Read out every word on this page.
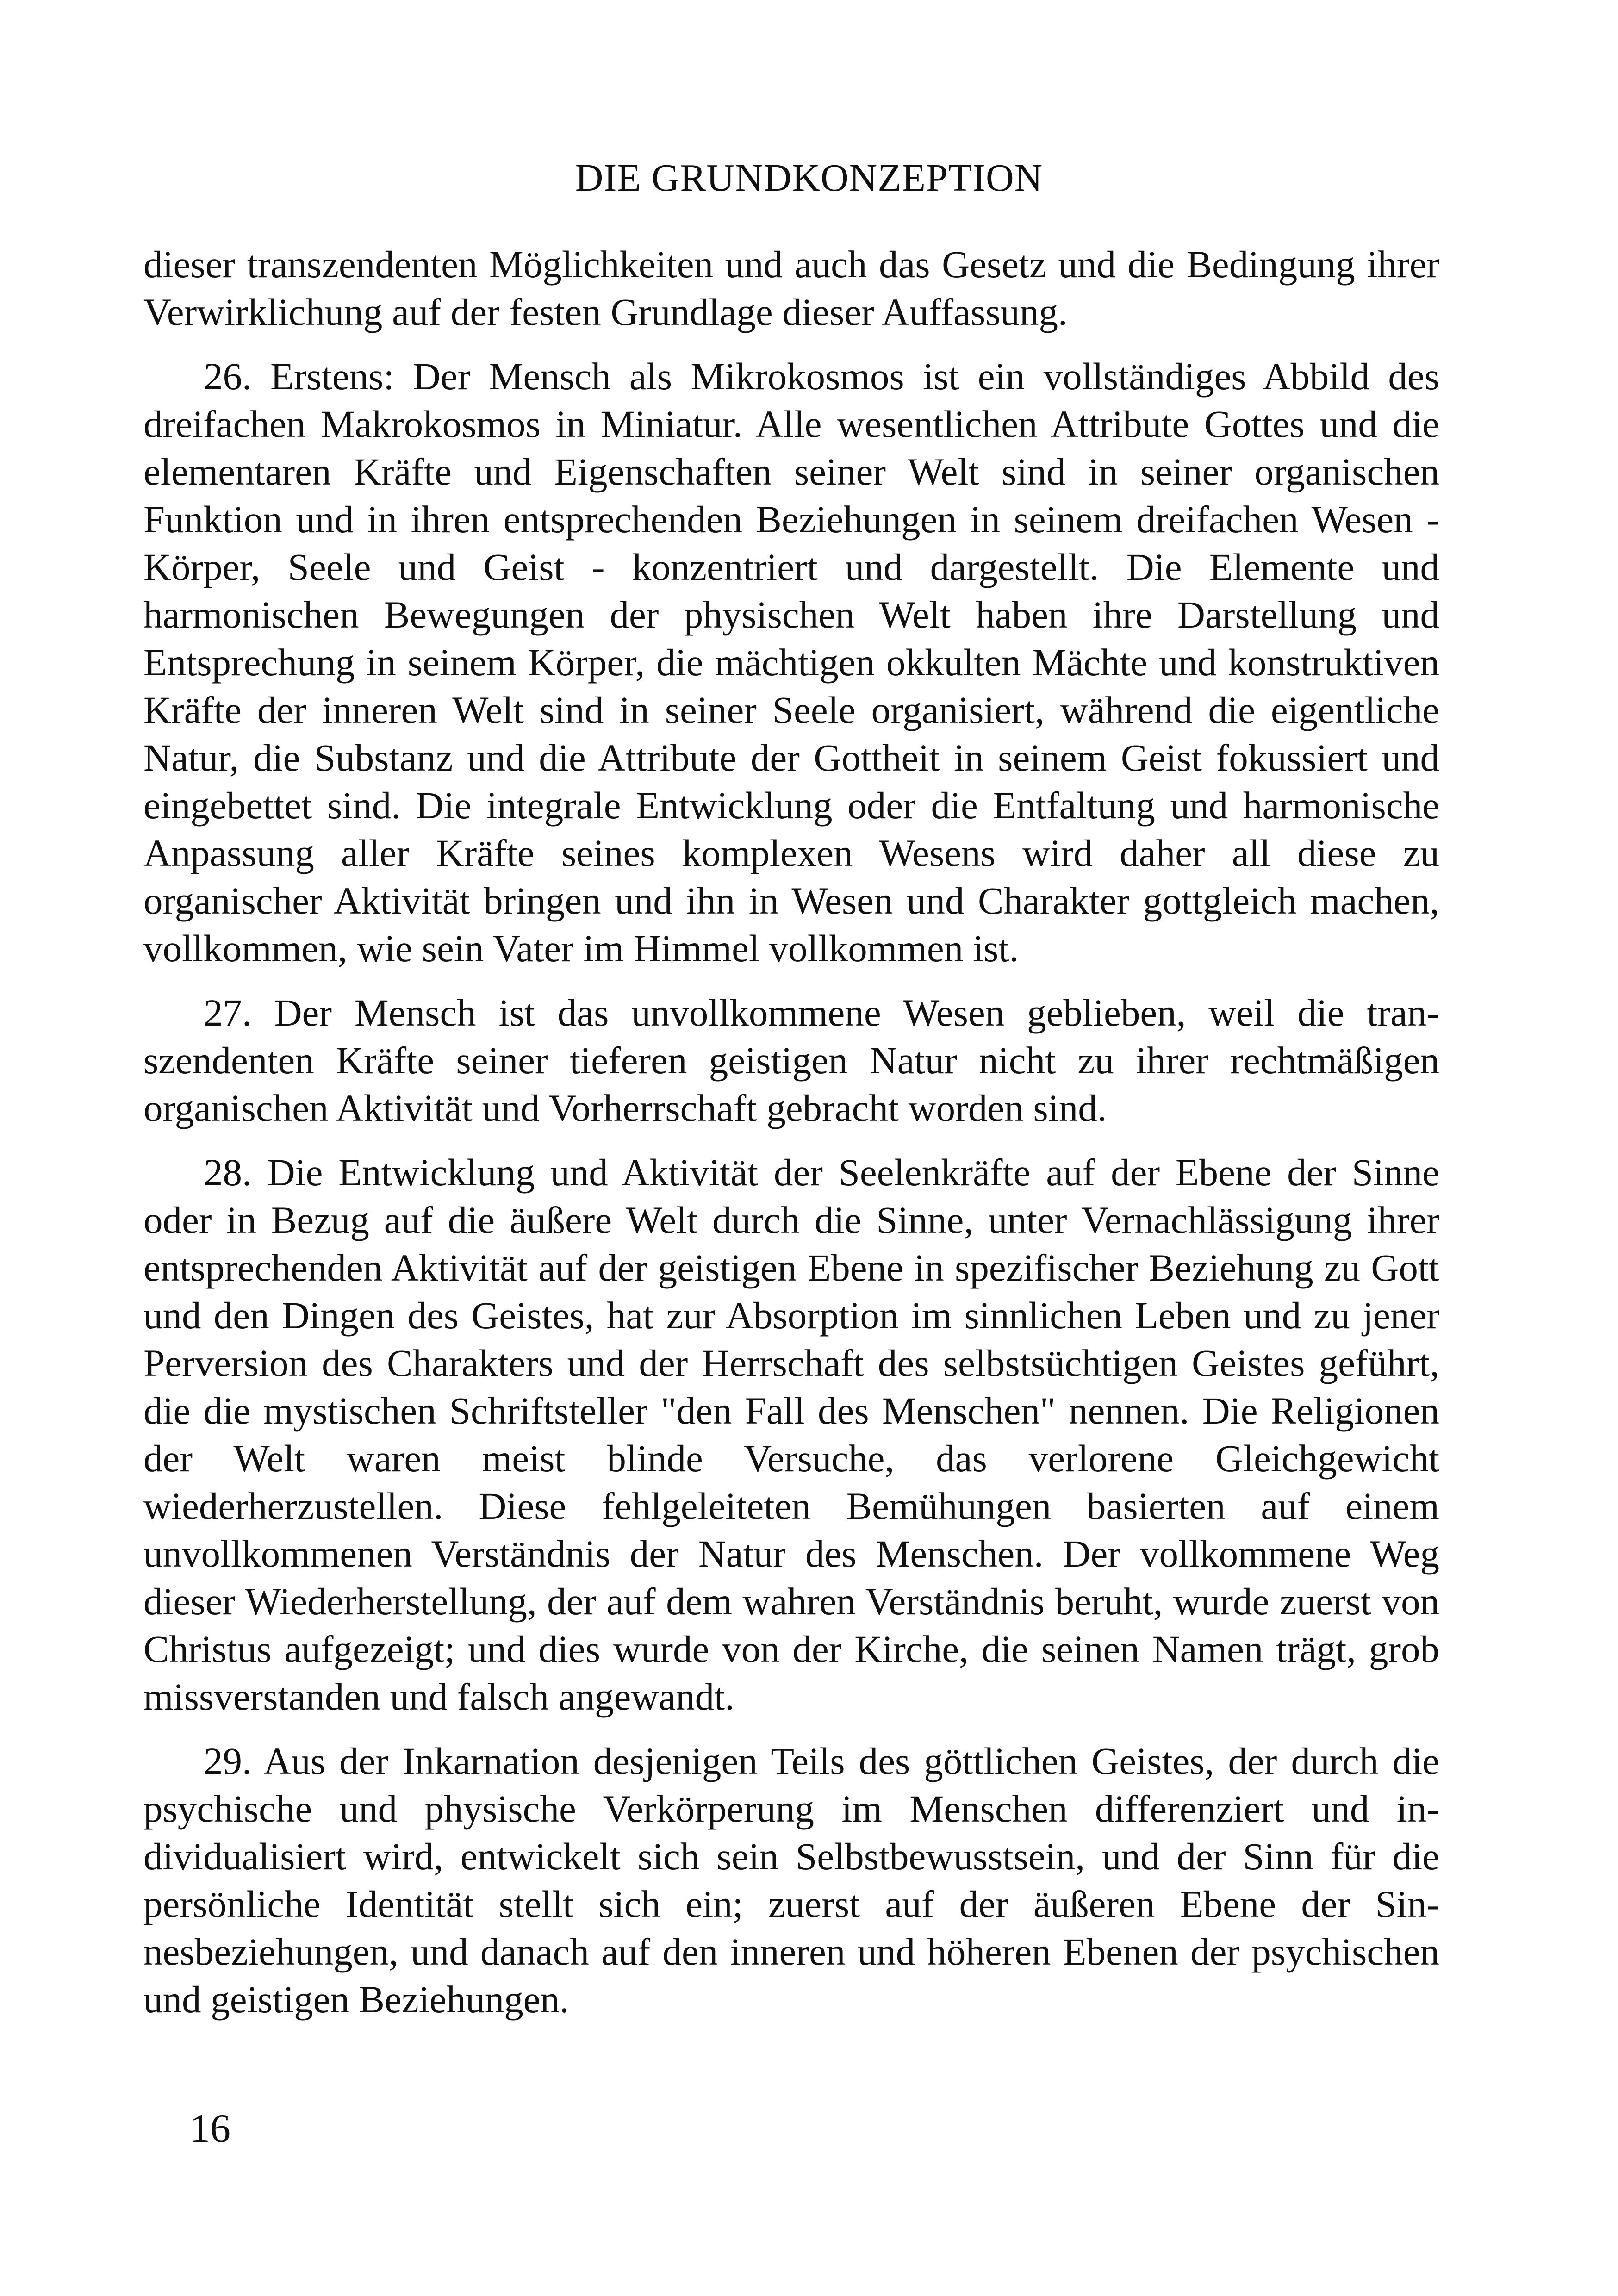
DIE GRUNDKONZEPTION

dieser transzendenten Möglichkeiten und auch das Gesetz und die Bedingung ihrer Verwirklichung auf der festen Grundlage dieser Auffassung.

26. Erstens: Der Mensch als Mikrokosmos ist ein vollständiges Abbild des dreifachen Makrokosmos in Miniatur. Alle wesentlichen Attribute Gottes und die elementaren Kräfte und Eigenschaften seiner Welt sind in seiner organischen Funktion und in ihren entsprechenden Beziehungen in seinem dreifachen Wesen - Körper, Seele und Geist - konzentriert und dargestellt. Die Elemente und harmonischen Bewegungen der physischen Welt haben ihre Darstellung und Entsprechung in seinem Körper, die mächtigen okkulten Mächte und konstruktiven Kräfte der inneren Welt sind in seiner Seele organisiert, während die eigentliche Natur, die Substanz und die Attribute der Gottheit in seinem Geist fokussiert und eingebettet sind. Die integrale Entwicklung oder die Entfaltung und harmonische Anpassung aller Kräfte seines komplexen Wesens wird daher all diese zu organischer Aktivität bringen und ihn in Wesen und Charakter gottgleich machen, vollkommen, wie sein Vater im Himmel vollkommen ist.

27. Der Mensch ist das unvollkommene Wesen geblieben, weil die transzendenten Kräfte seiner tieferen geistigen Natur nicht zu ihrer rechtmäßigen organischen Aktivität und Vorherrschaft gebracht worden sind.

28. Die Entwicklung und Aktivität der Seelenkräfte auf der Ebene der Sinne oder in Bezug auf die äußere Welt durch die Sinne, unter Vernachlässigung ihrer entsprechenden Aktivität auf der geistigen Ebene in spezifischer Beziehung zu Gott und den Dingen des Geistes, hat zur Absorption im sinnlichen Leben und zu jener Perversion des Charakters und der Herrschaft des selbstsüchtigen Geistes geführt, die die mystischen Schriftsteller "den Fall des Menschen" nennen. Die Religionen der Welt waren meist blinde Versuche, das verlorene Gleichgewicht wiederherzustellen. Diese fehlgeleiteten Bemühungen basierten auf einem unvollkommenen Verständnis der Natur des Menschen. Der vollkommene Weg dieser Wiederherstellung, der auf dem wahren Verständnis beruht, wurde zuerst von Christus aufgezeigt; und dies wurde von der Kirche, die seinen Namen trägt, grob missverstanden und falsch angewandt.

29. Aus der Inkarnation desjenigen Teils des göttlichen Geistes, der durch die psychische und physische Verkörperung im Menschen differenziert und individualisiert wird, entwickelt sich sein Selbstbewusstsein, und der Sinn für die persönliche Identität stellt sich ein; zuerst auf der äußeren Ebene der Sinnesbeziehungen, und danach auf den inneren und höheren Ebenen der psychischen und geistigen Beziehungen.

16
